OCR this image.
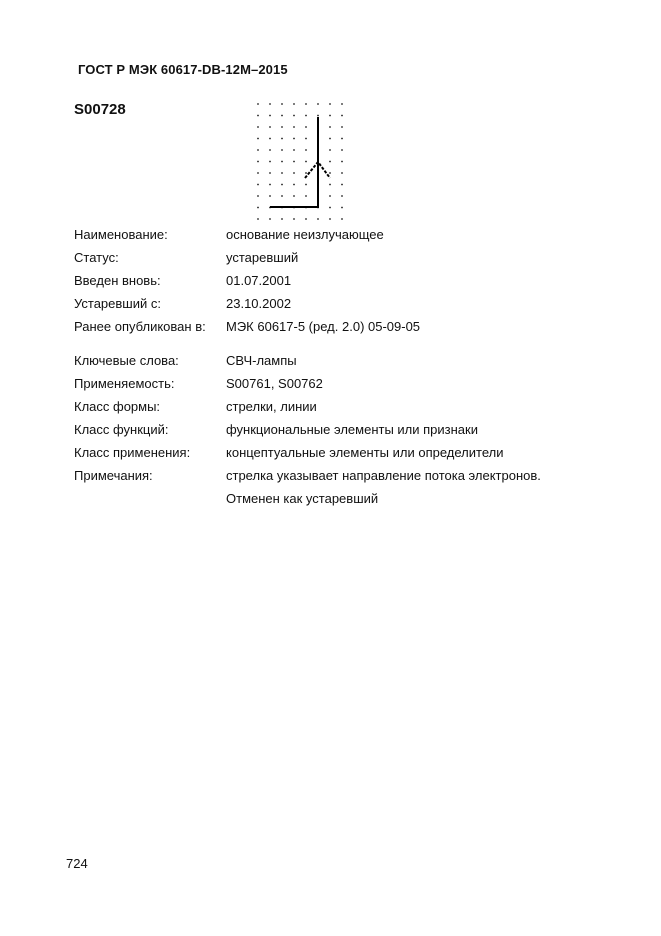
ГОСТ Р МЭК 60617-DB-12M–2015
S00728
Наименование:	основание неизлучающее
Статус:	устаревший
Введен вновь:	01.07.2001
Устаревший с:	23.10.2002
Ранее опубликован в: МЭК 60617-5 (ред. 2.0) 05-09-05
Ключевые слова:	СВЧ-лампы
Применяемость:	S00761, S00762
Класс формы:	стрелки, линии
Класс функций:	функциональные элементы или признаки
Класс применения:	концептуальные элементы или определители
Примечания:	стрелка указывает направление потока электронов.
Отменен как устаревший
724
